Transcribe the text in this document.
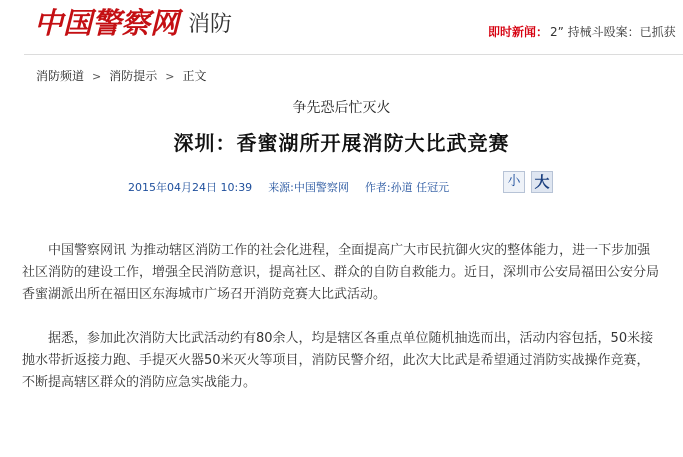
中国警察网 消防	即时新闻： 2” 持械斗殴案：已抓获
消防频道 > 消防提示 > 正文
争先恐后忙灭火
深圳：香蜜湖所开展消防大比武竞赛
2015年04月24日 10:39 来源:中国警察网 作者:孙道 任冠元	小 大

中国警察网讯 为推动辖区消防工作的社会化进程，全面提高广大市民抗御火灾的整体能力，进一下步加强社区消防的建设工作，增强全民消防意识，提高社区、群众的自防自救能力。近日，深圳市公安局福田公安分局香蜜湖派出所在福田区东海城市广场召开消防竞赛大比武活动。

据悉，参加此次消防大比武活动约有80余人，均是辖区各重点单位随机抽选而出，活动内容包括，50米接抛水带折返接力跑、手提灭火器50米灭火等项目，消防民警介绍，此次大比武是希望通过消防实战操作竞赛，不断提高辖区群众的消防应急实战能力。
